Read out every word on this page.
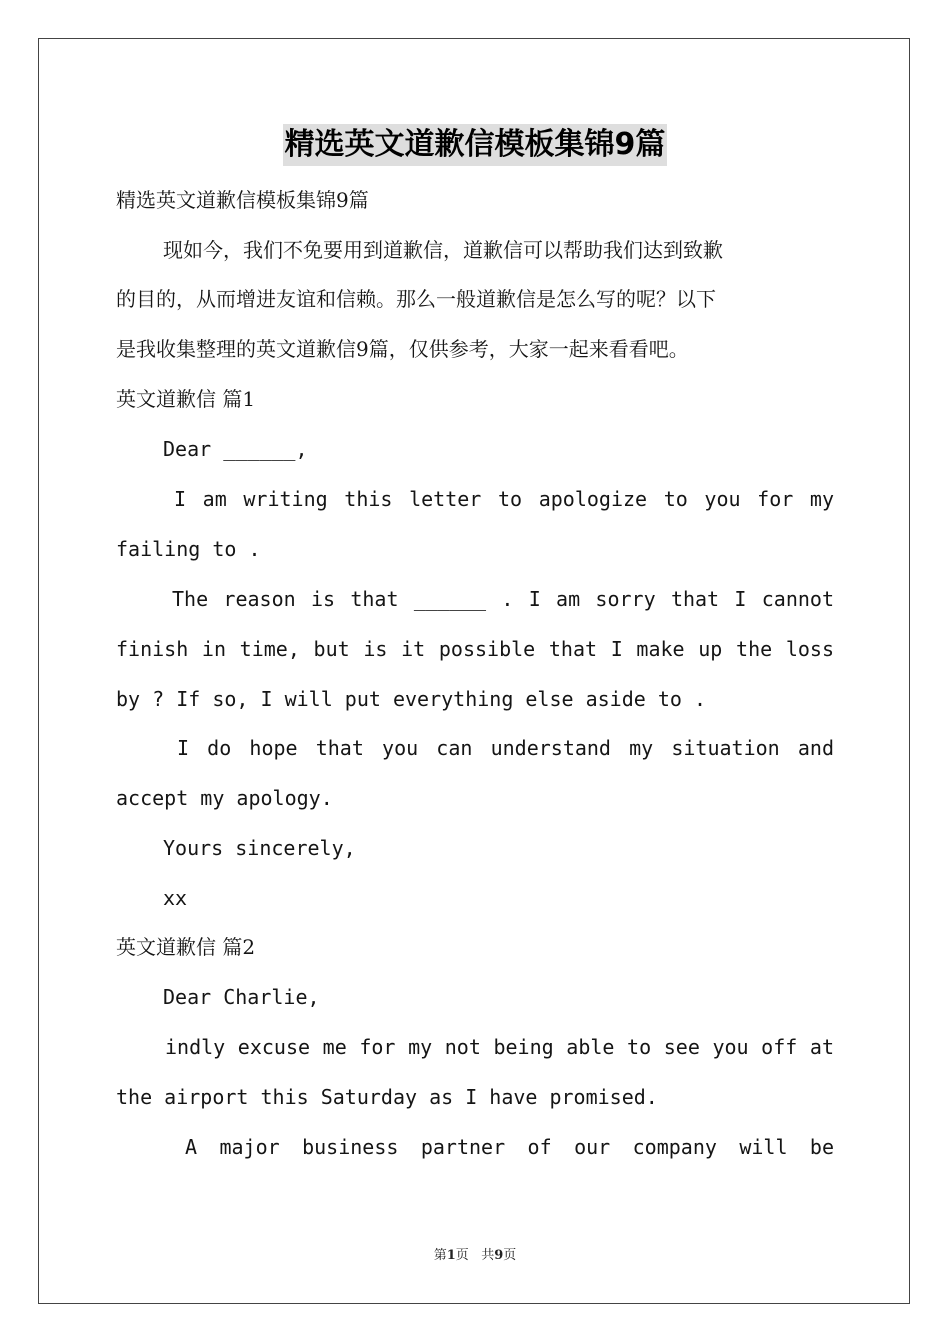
精选英文道歉信模板集锦9篇
精选英文道歉信模板集锦9篇
现如今，我们不免要用到道歉信，道歉信可以帮助我们达到致歉
的目的，从而增进友谊和信赖。那么一般道歉信是怎么写的呢？以下
是我收集整理的英文道歉信9篇，仅供参考，大家一起来看看吧。
英文道歉信 篇1
Dear ______,
I am writing this letter to apologize to you for my
failing to .
The reason is that ______ . I am sorry that I cannot
finish in time, but is it possible that I make up the loss
by ? If so, I will put everything else aside to .
I do hope that you can understand my situation and
accept my apology.
Yours sincerely,
xx
英文道歉信 篇2
Dear Charlie,
indly excuse me for my not being able to see you off at
the airport this Saturday as I have promised.
A major business partner of our company will be
第1页 共9页
